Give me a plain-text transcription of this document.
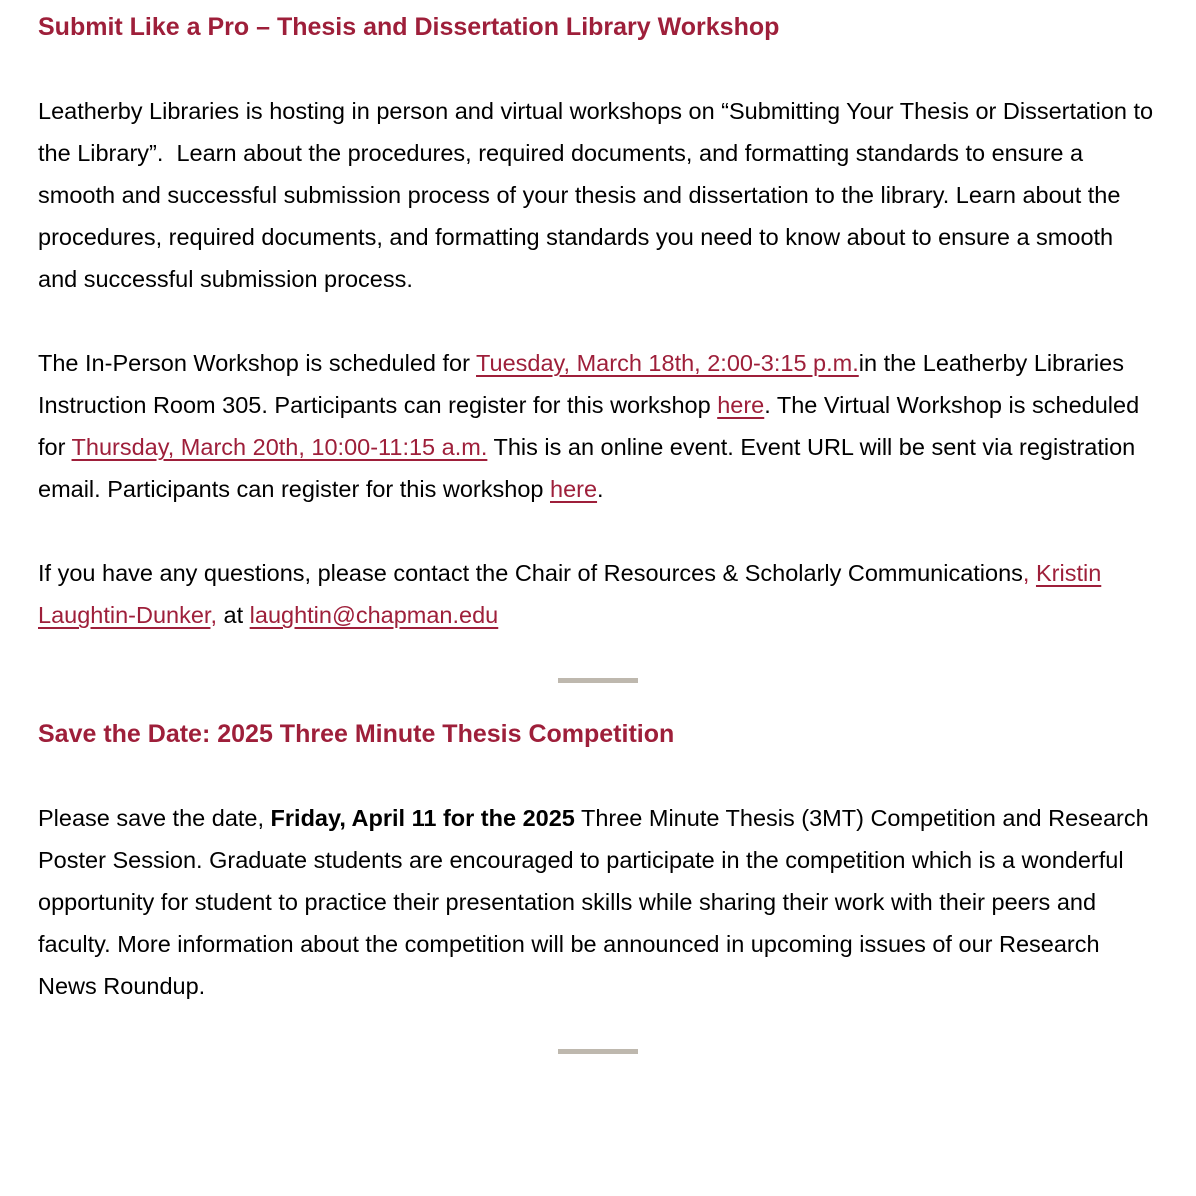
Submit Like a Pro – Thesis and Dissertation Library Workshop

Leatherby Libraries is hosting in person and virtual workshops on “Submitting Your Thesis or Dissertation to the Library”.  Learn about the procedures, required documents, and formatting standards to ensure a smooth and successful submission process of your thesis and dissertation to the library. Learn about the procedures, required documents, and formatting standards you need to know about to ensure a smooth and successful submission process.

The In-Person Workshop is scheduled for Tuesday, March 18th, 2:00-3:15 p.m.in the Leatherby Libraries Instruction Room 305. Participants can register for this workshop here. The Virtual Workshop is scheduled for Thursday, March 20th, 10:00-11:15 a.m. This is an online event. Event URL will be sent via registration email. Participants can register for this workshop here.

If you have any questions, please contact the Chair of Resources & Scholarly Communications, Kristin Laughtin-Dunker, at laughtin@chapman.edu

Save the Date: 2025 Three Minute Thesis Competition

Please save the date, Friday, April 11 for the 2025 Three Minute Thesis (3MT) Competition and Research Poster Session. Graduate students are encouraged to participate in the competition which is a wonderful opportunity for student to practice their presentation skills while sharing their work with their peers and faculty. More information about the competition will be announced in upcoming issues of our Research News Roundup.
